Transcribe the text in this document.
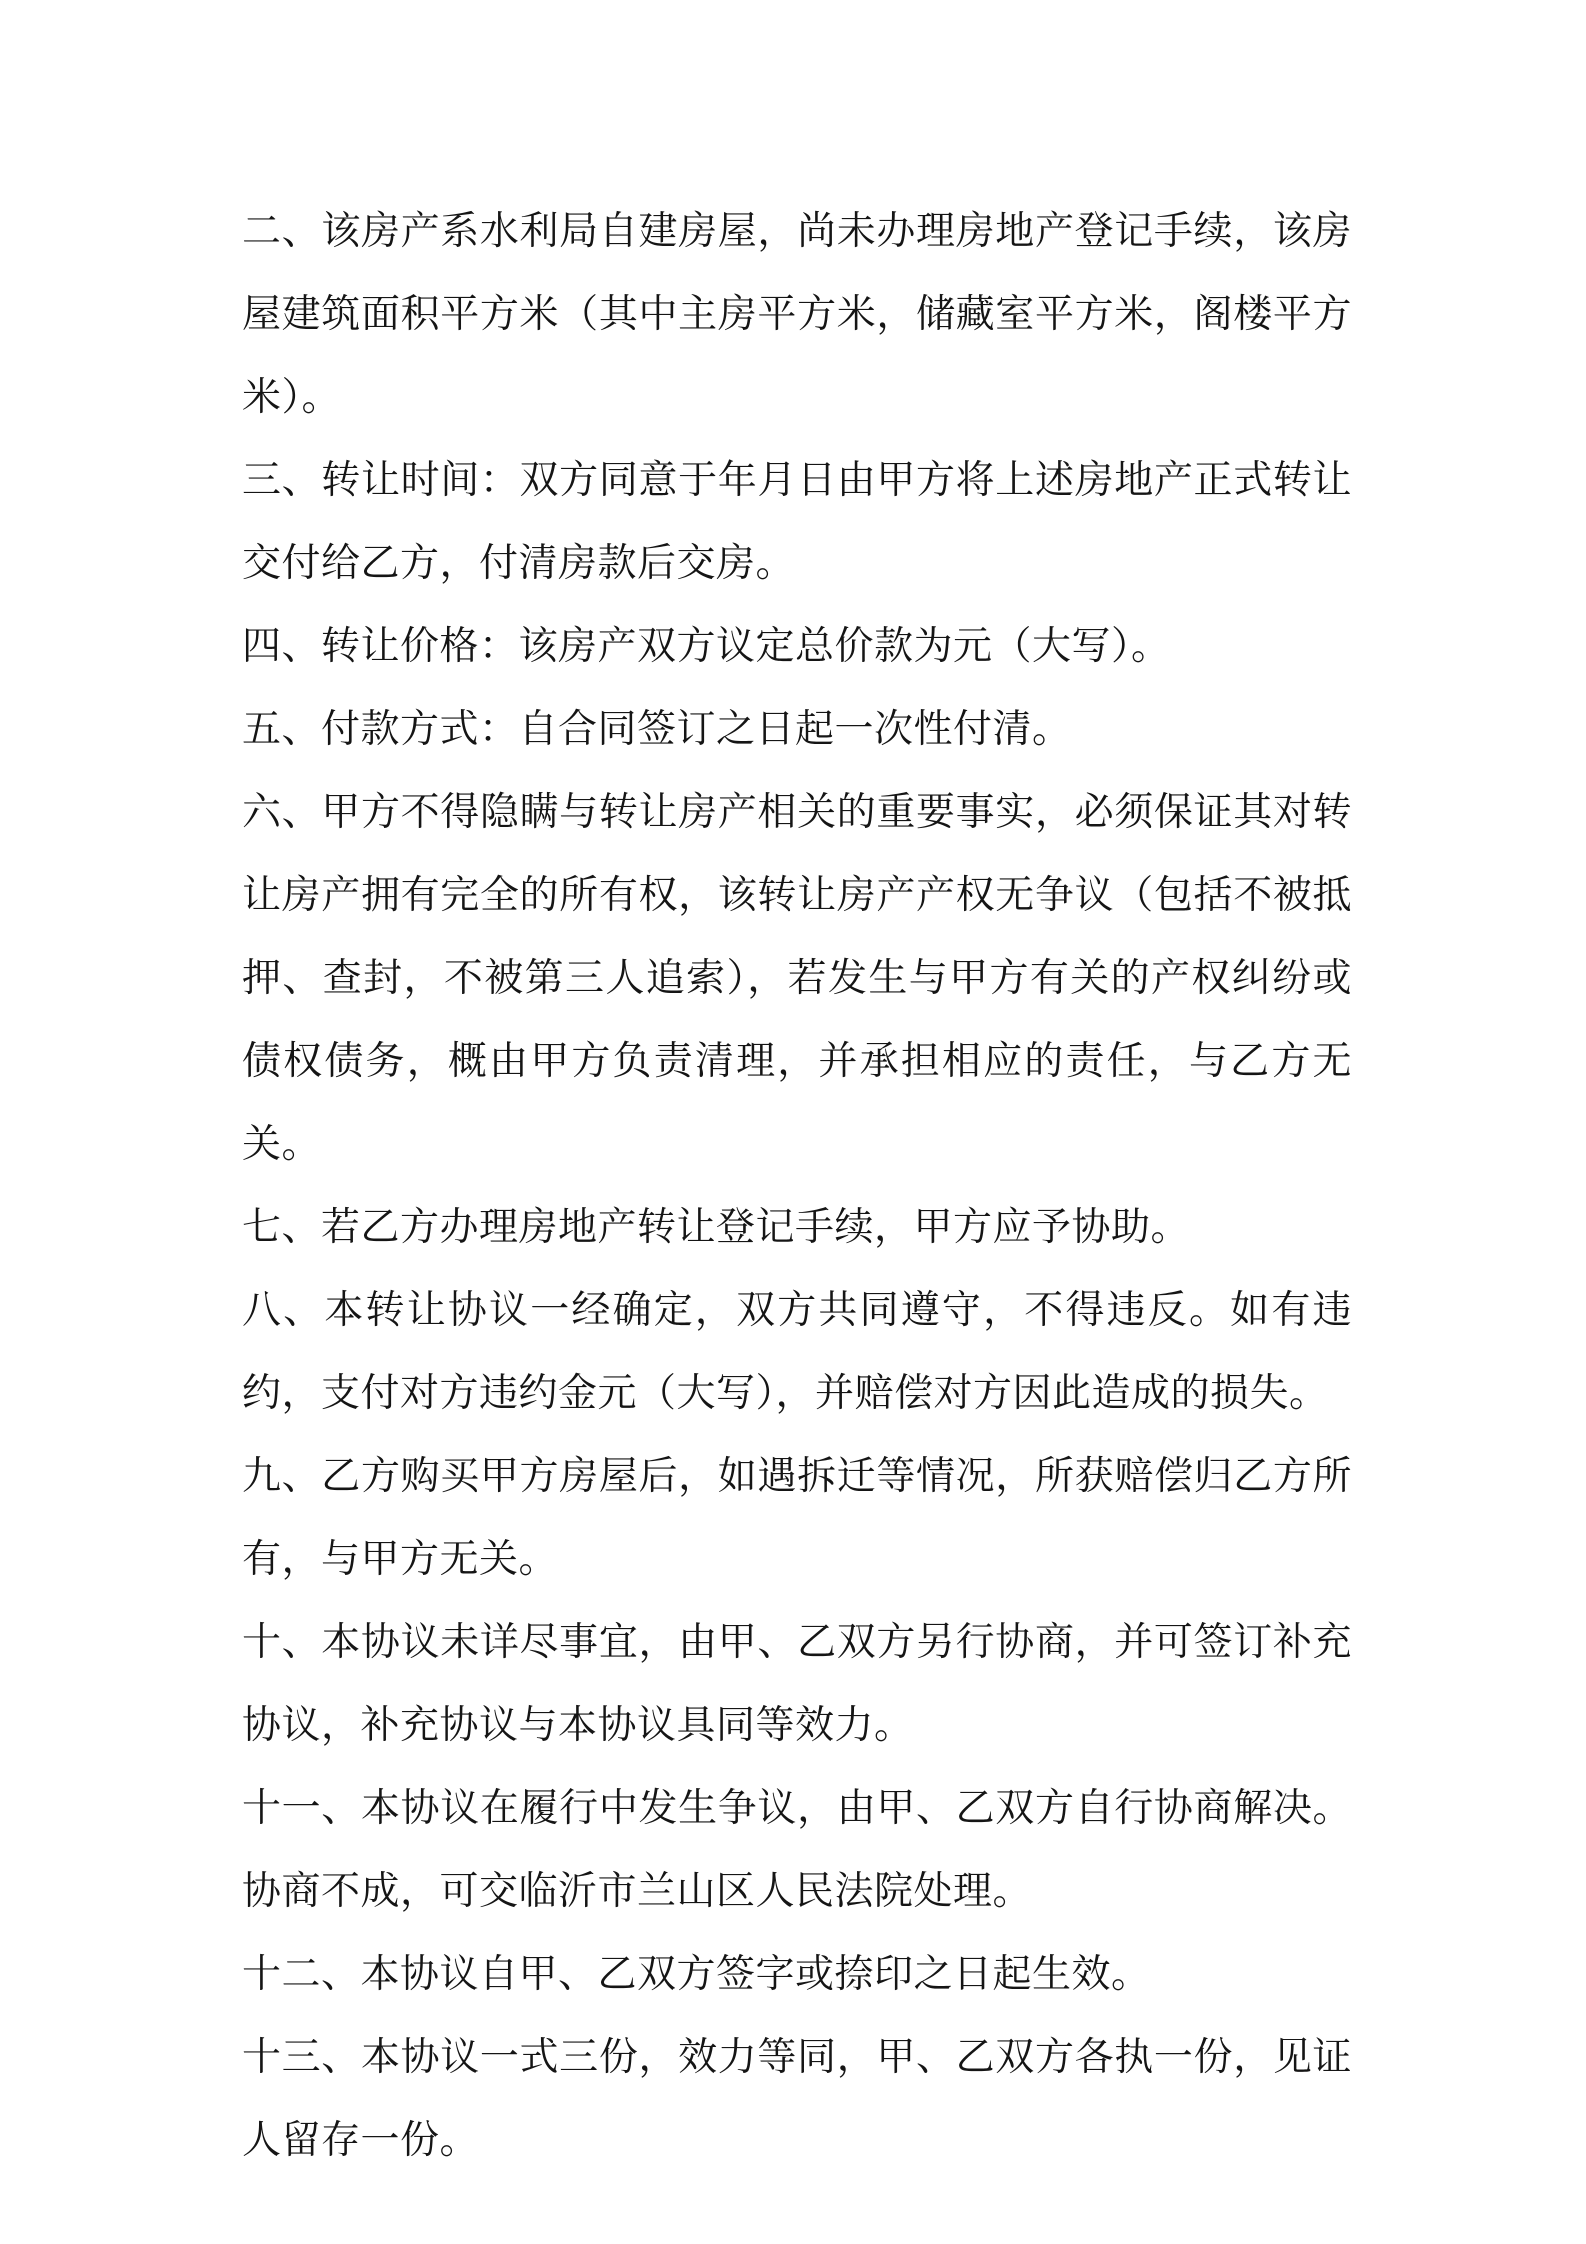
二、该房产系水利局自建房屋，尚未办理房地产登记手续，该房屋建筑面积平方米（其中主房平方米，储藏室平方米，阁楼平方米）。

三、转让时间：双方同意于年月日由甲方将上述房地产正式转让交付给乙方，付清房款后交房。

四、转让价格：该房产双方议定总价款为元（大写）。

五、付款方式：自合同签订之日起一次性付清。

六、甲方不得隐瞒与转让房产相关的重要事实，必须保证其对转让房产拥有完全的所有权，该转让房产产权无争议（包括不被抵押、查封，不被第三人追索），若发生与甲方有关的产权纠纷或债权债务，概由甲方负责清理，并承担相应的责任，与乙方无关。

七、若乙方办理房地产转让登记手续，甲方应予协助。

八、本转让协议一经确定，双方共同遵守，不得违反。如有违约，支付对方违约金元（大写），并赔偿对方因此造成的损失。

九、乙方购买甲方房屋后，如遇拆迁等情况，所获赔偿归乙方所有，与甲方无关。

十、本协议未详尽事宜，由甲、乙双方另行协商，并可签订补充协议，补充协议与本协议具同等效力。

十一、本协议在履行中发生争议，由甲、乙双方自行协商解决。协商不成，可交临沂市兰山区人民法院处理。

十二、本协议自甲、乙双方签字或捺印之日起生效。

十三、本协议一式三份，效力等同，甲、乙双方各执一份，见证人留存一份。
